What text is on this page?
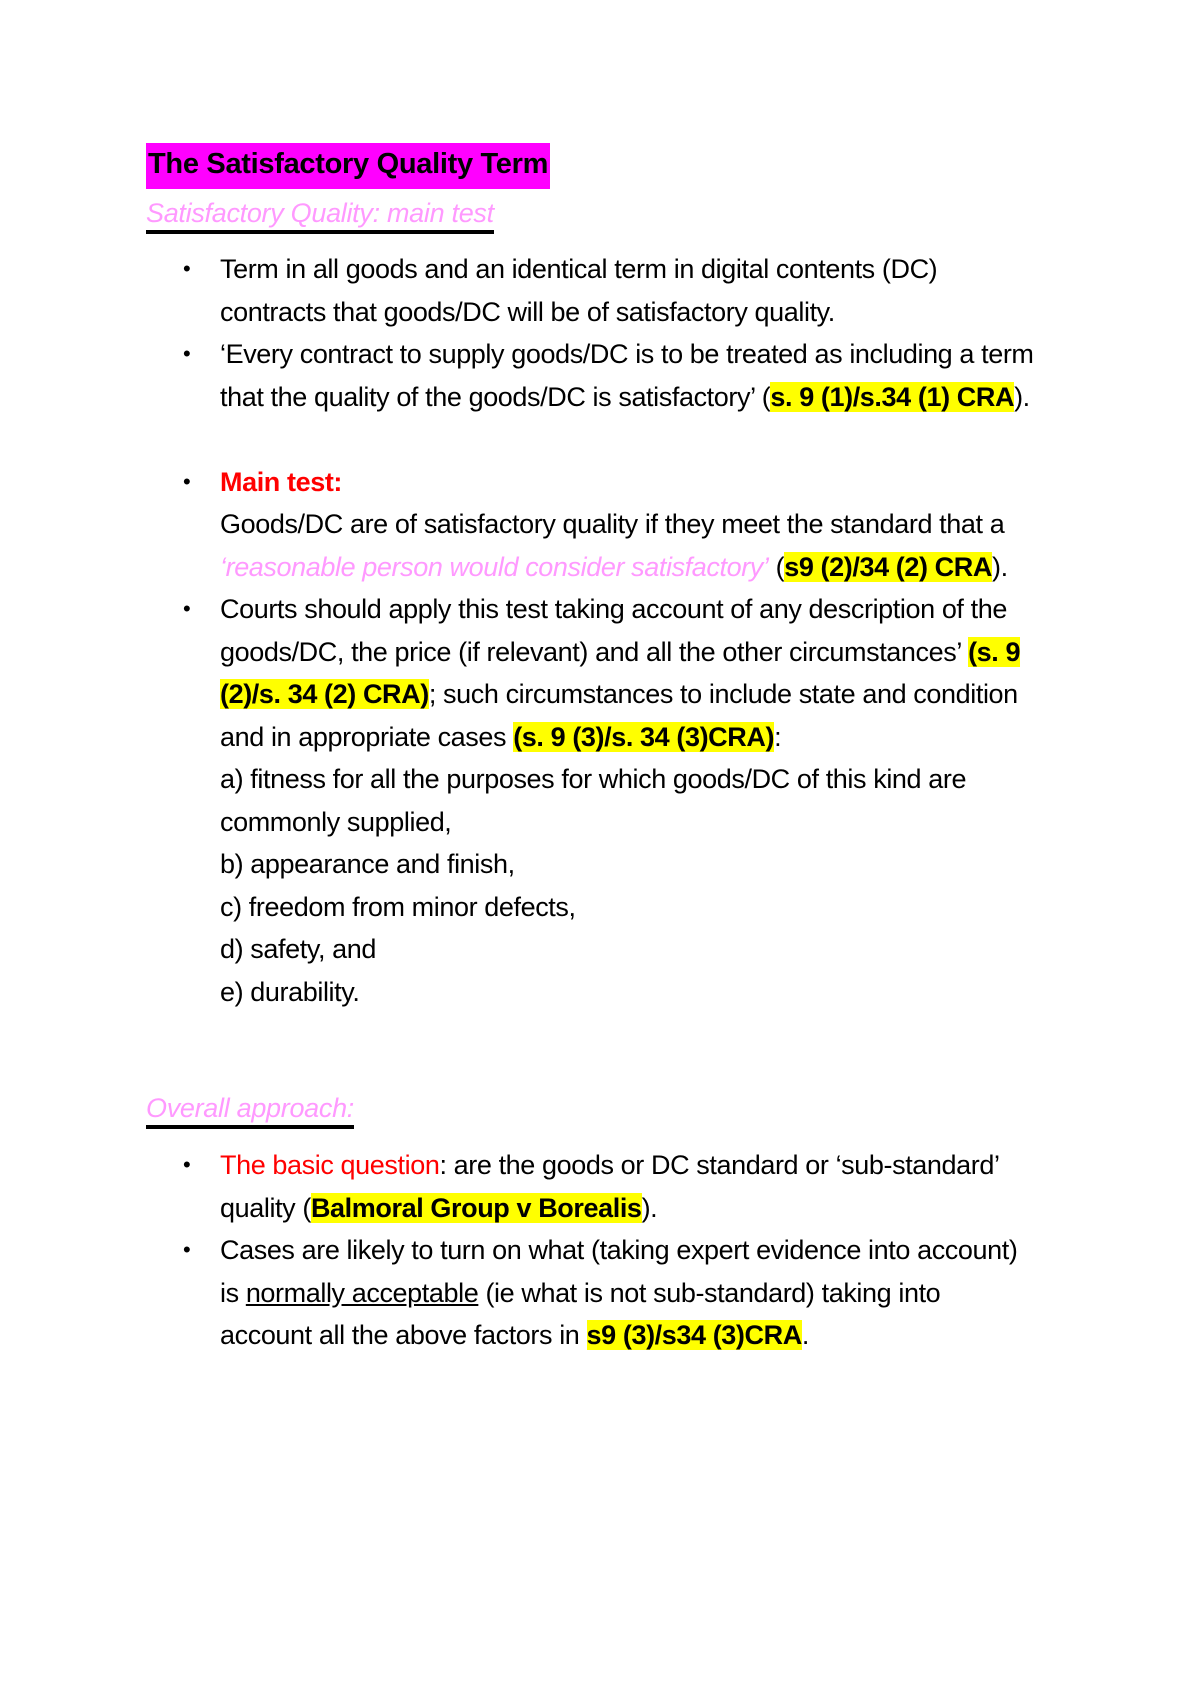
The Satisfactory Quality Term
Satisfactory Quality: main test
• Term in all goods and an identical term in digital contents (DC)
contracts that goods/DC will be of satisfactory quality.
• ‘Every contract to supply goods/DC is to be treated as including a term that the quality of the goods/DC is satisfactory’ (s. 9 (1)/s.34 (1) CRA).
• Main test:
Goods/DC are of satisfactory quality if they meet the standard that a ‘reasonable person would consider satisfactory’ (s9 (2)/34 (2) CRA).
• Courts should apply this test taking account of any description of the goods/DC, the price (if relevant) and all the other circumstances’ (s. 9 (2)/s. 34 (2) CRA); such circumstances to include state and condition and in appropriate cases (s. 9 (3)/s. 34 (3)CRA):
a) fitness for all the purposes for which goods/DC of this kind are commonly supplied,
b) appearance and finish,
c) freedom from minor defects,
d) safety, and
e) durability.
Overall approach:
• The basic question: are the goods or DC standard or ‘sub-standard’ quality (Balmoral Group v Borealis).
• Cases are likely to turn on what (taking expert evidence into account) is normally acceptable (ie what is not sub-standard) taking into account all the above factors in s9 (3)/s34 (3)CRA.
